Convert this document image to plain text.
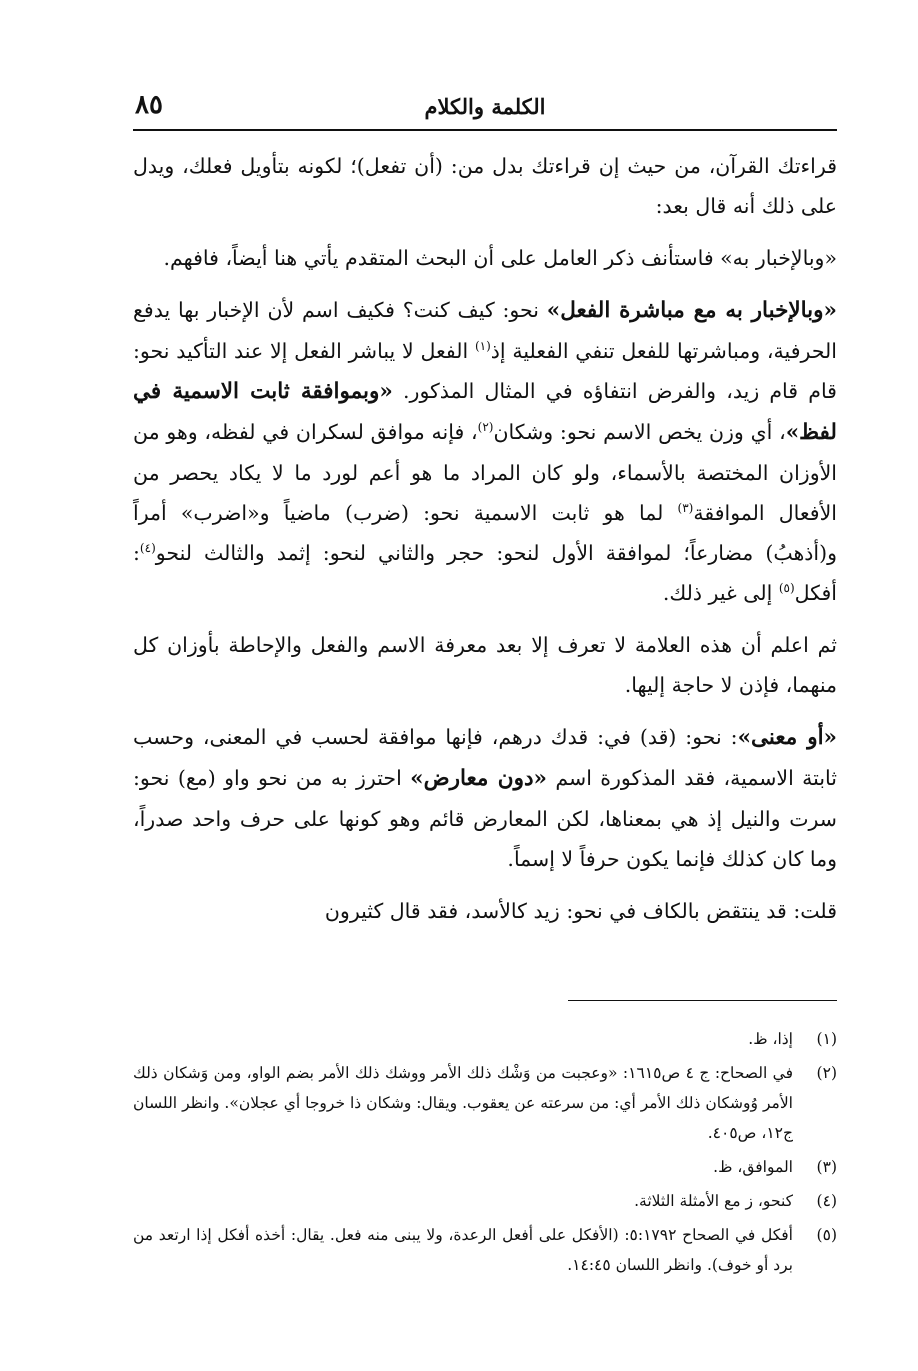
الكلمة والكلام
٨٥

قراءتك القرآن، من حيث إن قراءتك بدل من: (أن تفعل)؛ لكونه بتأويل فعلك، ويدل على ذلك أنه قال بعد:

«وبالإخبار به» فاستأنف ذكر العامل على أن البحث المتقدم يأتي هنا أيضاً، فافهم.

«وبالإخبار به مع مباشرة الفعل» نحو: كيف كنت؟ فكيف اسم لأن الإخبار بها يدفع الحرفية، ومباشرتها للفعل تنفي الفعلية إذ$^{(١)}$ الفعل لا يباشر الفعل إلا عند التأكيد نحو: قام قام زيد، والفرض انتفاؤه في المثال المذكور. «وبموافقة ثابت الاسمية في لفظ»، أي وزن يخص الاسم نحو: وشكان$^{(٢)}$، فإنه موافق لسكران في لفظه، وهو من الأوزان المختصة بالأسماء، ولو كان المراد ما هو أعم لورد ما لا يكاد يحصر من الأفعال الموافقة$^{(٣)}$ لما هو ثابت الاسمية نحو: (ضرب) ماضياً و«اضرب» أمراً و(أذهبُ) مضارعاً؛ لموافقة الأول لنحو: حجر والثاني لنحو: إثمد والثالث لنحو$^{(٤)}$: أفكل$^{(٥)}$ إلى غير ذلك.

ثم اعلم أن هذه العلامة لا تعرف إلا بعد معرفة الاسم والفعل والإحاطة بأوزان كل منهما، فإذن لا حاجة إليها.

«أو معنى»: نحو: (قد) في: قدك درهم، فإنها موافقة لحسب في المعنى، وحسب ثابتة الاسمية، فقد المذكورة اسم «دون معارض» احترز به من نحو واو (مع) نحو: سرت والنيل إذ هي بمعناها، لكن المعارض قائم وهو كونها على حرف واحد صدراً، وما كان كذلك فإنما يكون حرفاً لا إسماً.

قلت: قد ينتقض بالكاف في نحو: زيد كالأسد، فقد قال كثيرون

(١)
إذا، ظ.
(٢)
في الصحاح: ج ٤ ص١٦١٥: «وعجبت من وَشْك ذلك الأمر ووشك ذلك الأمر بضم الواو، ومن وَشكان ذلك الأمر وُوشكان ذلك الأمر أي: من سرعته عن يعقوب. ويقال: وشكان ذا خروجا أي عجلان». وانظر اللسان ج١٢، ص٤٠٥.
(٣)
الموافق، ظ.
(٤)
كنحو، ز مع الأمثلة الثلاثة.
(٥)
أفكل في الصحاح ٥:١٧٩٢: (الأفكل على أفعل الرعدة، ولا يبنى منه فعل. يقال: أخذه أفكل إذا ارتعد من برد أو خوف). وانظر اللسان ١٤:٤٥.
